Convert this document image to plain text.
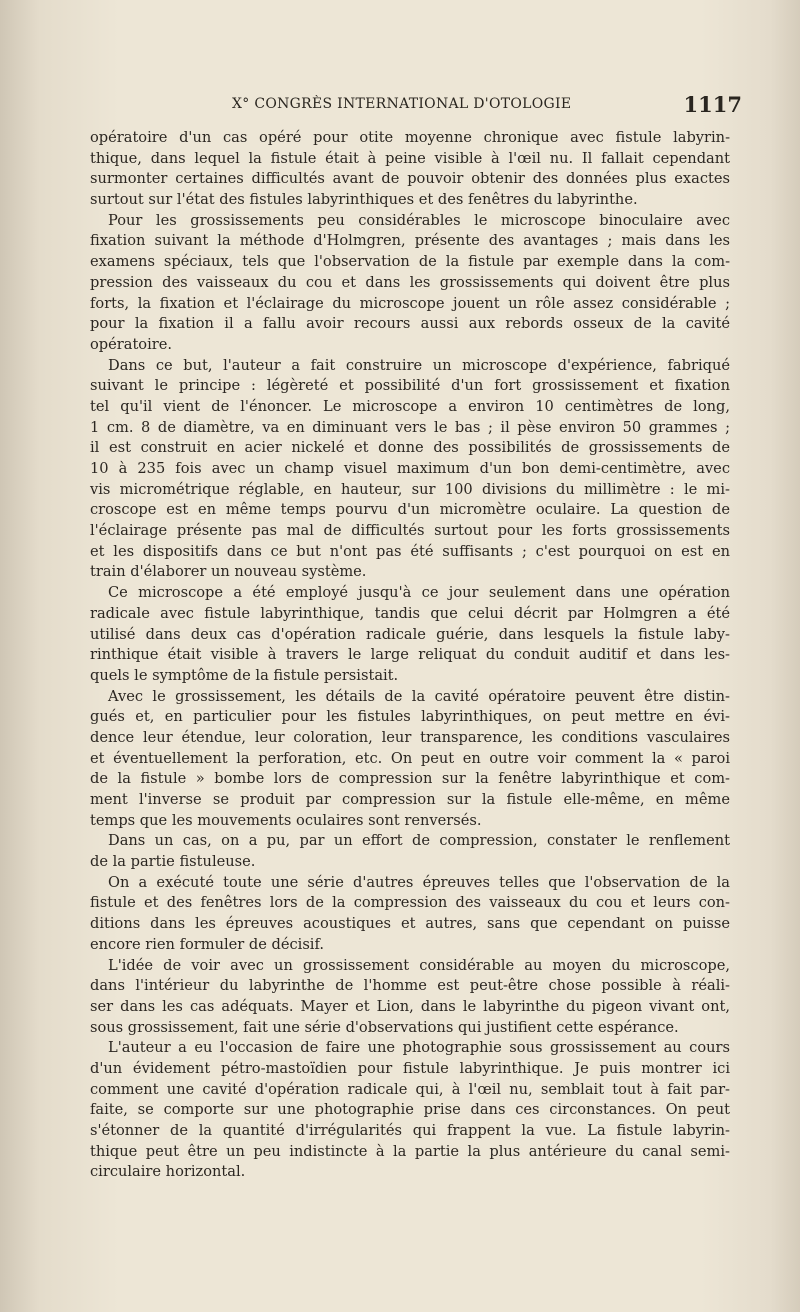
X° CONGRÈS INTERNATIONAL D'OTOLOGIE	1117
opératoire d'un cas opéré pour otite moyenne chronique avec fistule labyrin-
thique, dans lequel la fistule était à peine visible à l'œil nu. Il fallait cependant
surmonter certaines difficultés avant de pouvoir obtenir des données plus exactes
surtout sur l'état des fistules labyrinthiques et des fenêtres du labyrinthe.
Pour les grossissements peu considérables le microscope binoculaire avec
fixation suivant la méthode d'Holmgren, présente des avantages ; mais dans les
examens spéciaux, tels que l'observation de la fistule par exemple dans la com-
pression des vaisseaux du cou et dans les grossissements qui doivent être plus
forts, la fixation et l'éclairage du microscope jouent un rôle assez considérable ;
pour la fixation il a fallu avoir recours aussi aux rebords osseux de la cavité
opératoire.
Dans ce but, l'auteur a fait construire un microscope d'expérience, fabriqué
suivant le principe : légèreté et possibilité d'un fort grossissement et fixation
tel qu'il vient de l'énoncer. Le microscope a environ 10 centimètres de long,
1 cm. 8 de diamètre, va en diminuant vers le bas ; il pèse environ 50 grammes ;
il est construit en acier nickelé et donne des possibilités de grossissements de
10 à 235 fois avec un champ visuel maximum d'un bon demi-centimètre, avec
vis micrométrique réglable, en hauteur, sur 100 divisions du millimètre : le mi-
croscope est en même temps pourvu d'un micromètre oculaire. La question de
l'éclairage présente pas mal de difficultés surtout pour les forts grossissements
et les dispositifs dans ce but n'ont pas été suffisants ; c'est pourquoi on est en
train d'élaborer un nouveau système.
Ce microscope a été employé jusqu'à ce jour seulement dans une opération
radicale avec fistule labyrinthique, tandis que celui décrit par Holmgren a été
utilisé dans deux cas d'opération radicale guérie, dans lesquels la fistule laby-
rinthique était visible à travers le large reliquat du conduit auditif et dans les-
quels le symptôme de la fistule persistait.
Avec le grossissement, les détails de la cavité opératoire peuvent être distin-
gués et, en particulier pour les fistules labyrinthiques, on peut mettre en évi-
dence leur étendue, leur coloration, leur transparence, les conditions vasculaires
et éventuellement la perforation, etc. On peut en outre voir comment la « paroi
de la fistule » bombe lors de compression sur la fenêtre labyrinthique et com-
ment l'inverse se produit par compression sur la fistule elle-même, en même
temps que les mouvements oculaires sont renversés.
Dans un cas, on a pu, par un effort de compression, constater le renflement
de la partie fistuleuse.
On a exécuté toute une série d'autres épreuves telles que l'observation de la
fistule et des fenêtres lors de la compression des vaisseaux du cou et leurs con-
ditions dans les épreuves acoustiques et autres, sans que cependant on puisse
encore rien formuler de décisif.
L'idée de voir avec un grossissement considérable au moyen du microscope,
dans l'intérieur du labyrinthe de l'homme est peut-être chose possible à réali-
ser dans les cas adéquats. Mayer et Lion, dans le labyrinthe du pigeon vivant ont,
sous grossissement, fait une série d'observations qui justifient cette espérance.
L'auteur a eu l'occasion de faire une photographie sous grossissement au cours
d'un évidement pétro-mastoïdien pour fistule labyrinthique. Je puis montrer ici
comment une cavité d'opération radicale qui, à l'œil nu, semblait tout à fait par-
faite, se comporte sur une photographie prise dans ces circonstances. On peut
s'étonner de la quantité d'irrégularités qui frappent la vue. La fistule labyrin-
thique peut être un peu indistincte à la partie la plus antérieure du canal semi-
circulaire horizontal.
